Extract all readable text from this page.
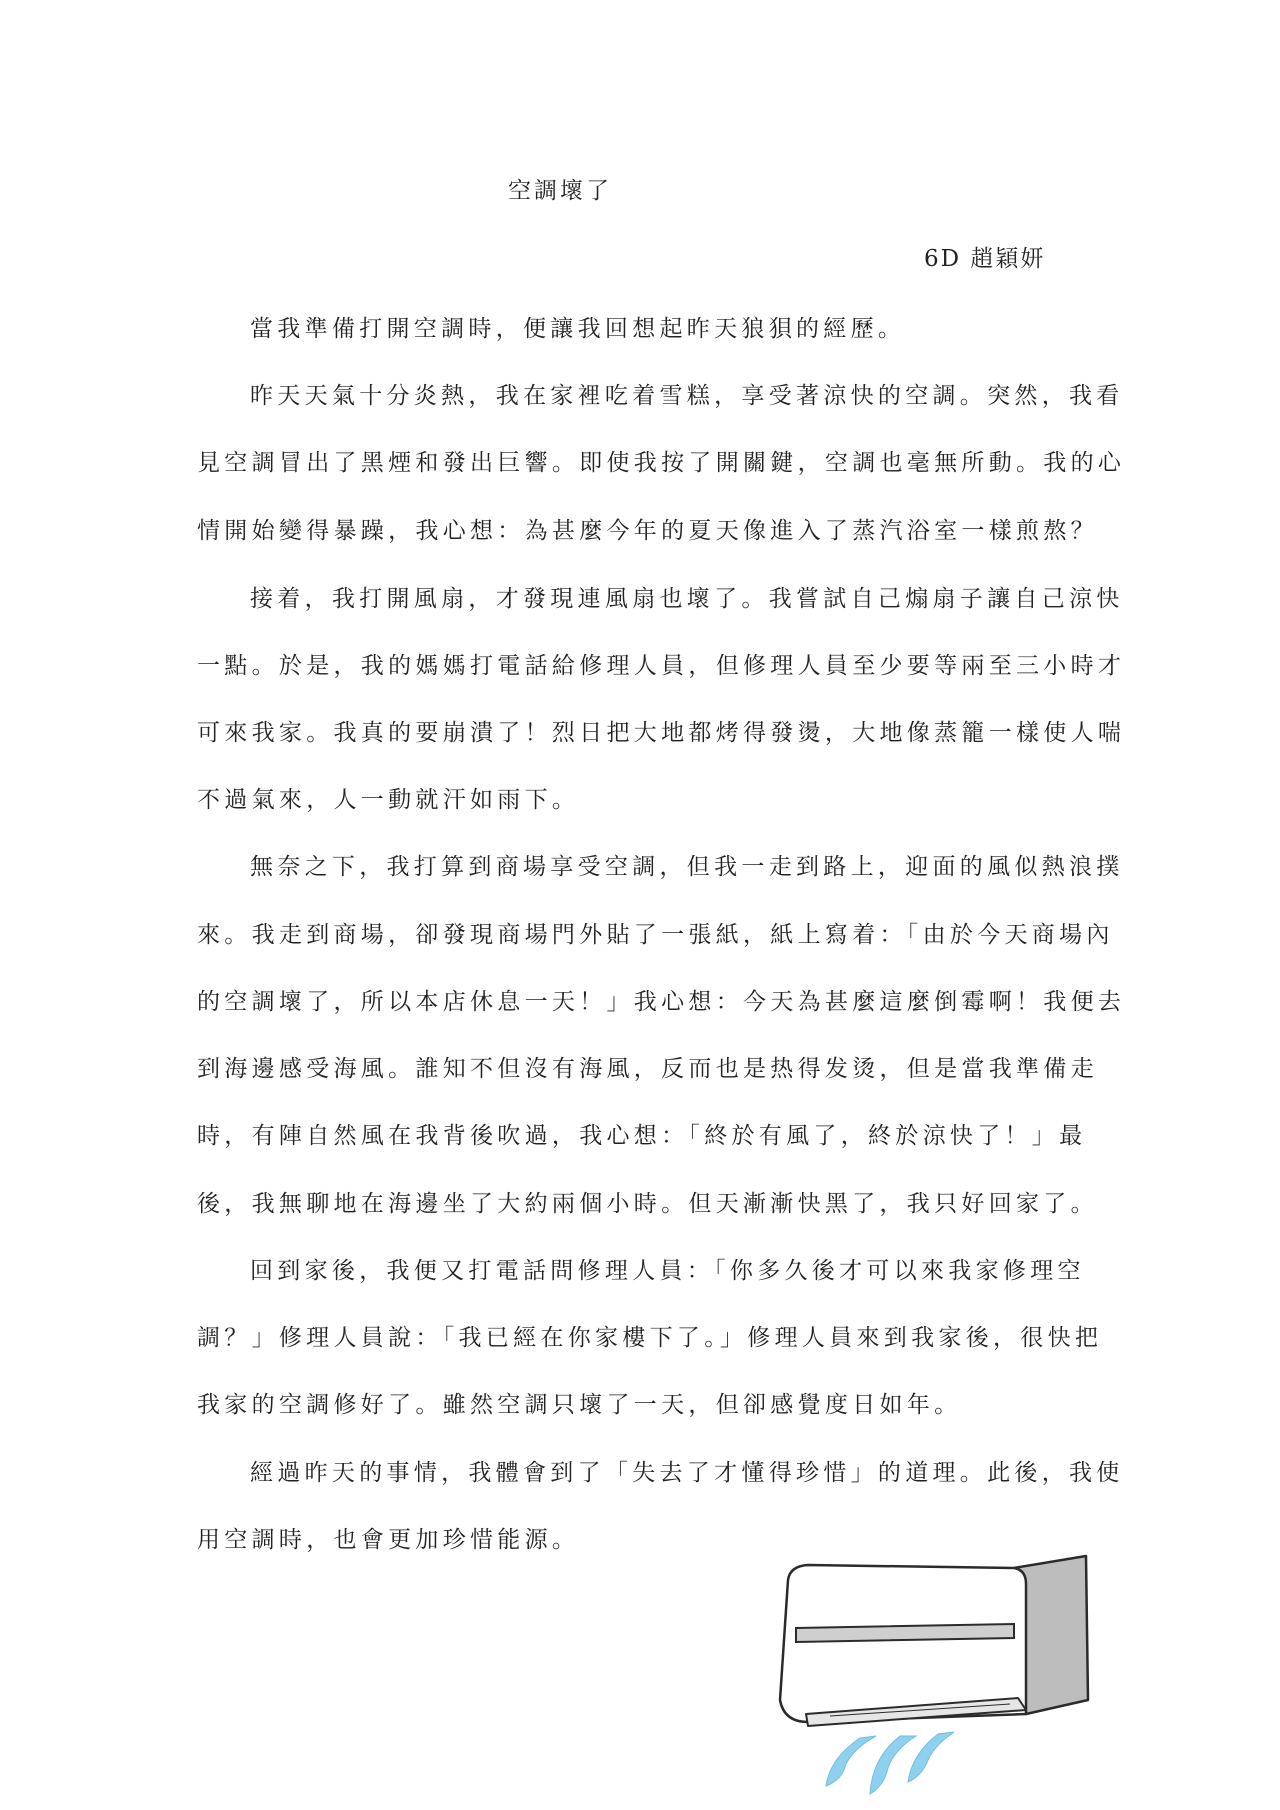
空調壞了
6D 趙穎妍
當我準備打開空調時，便讓我回想起昨天狼狽的經歷。
昨天天氣十分炎熱，我在家裡吃着雪糕，享受著涼快的空調。突然，我看
見空調冒出了黑煙和發出巨響。即使我按了開關鍵，空調也毫無所動。我的心
情開始變得暴躁，我心想：為甚麼今年的夏天像進入了蒸汽浴室一樣煎熬？
接着，我打開風扇，才發現連風扇也壞了。我嘗試自己煽扇子讓自己涼快
一點。於是，我的媽媽打電話給修理人員，但修理人員至少要等兩至三小時才
可來我家。我真的要崩潰了！烈日把大地都烤得發燙，大地像蒸籠一樣使人喘
不過氣來，人一動就汗如雨下。
無奈之下，我打算到商場享受空調，但我一走到路上，迎面的風似熱浪撲
來。我走到商場，卻發現商場門外貼了一張紙，紙上寫着：「由於今天商場內
的空調壞了，所以本店休息一天！」我心想：今天為甚麼這麼倒霉啊！我便去
到海邊感受海風。誰知不但沒有海風，反而也是热得发烫，但是當我準備走
時，有陣自然風在我背後吹過，我心想：「終於有風了，終於涼快了！」最
後，我無聊地在海邊坐了大約兩個小時。但天漸漸快黑了，我只好回家了。
回到家後，我便又打電話問修理人員：「你多久後才可以來我家修理空
調？」修理人員說：「我已經在你家樓下了。」修理人員來到我家後，很快把
我家的空調修好了。雖然空調只壞了一天，但卻感覺度日如年。
經過昨天的事情，我體會到了「失去了才懂得珍惜」的道理。此後，我使
用空調時，也會更加珍惜能源。
